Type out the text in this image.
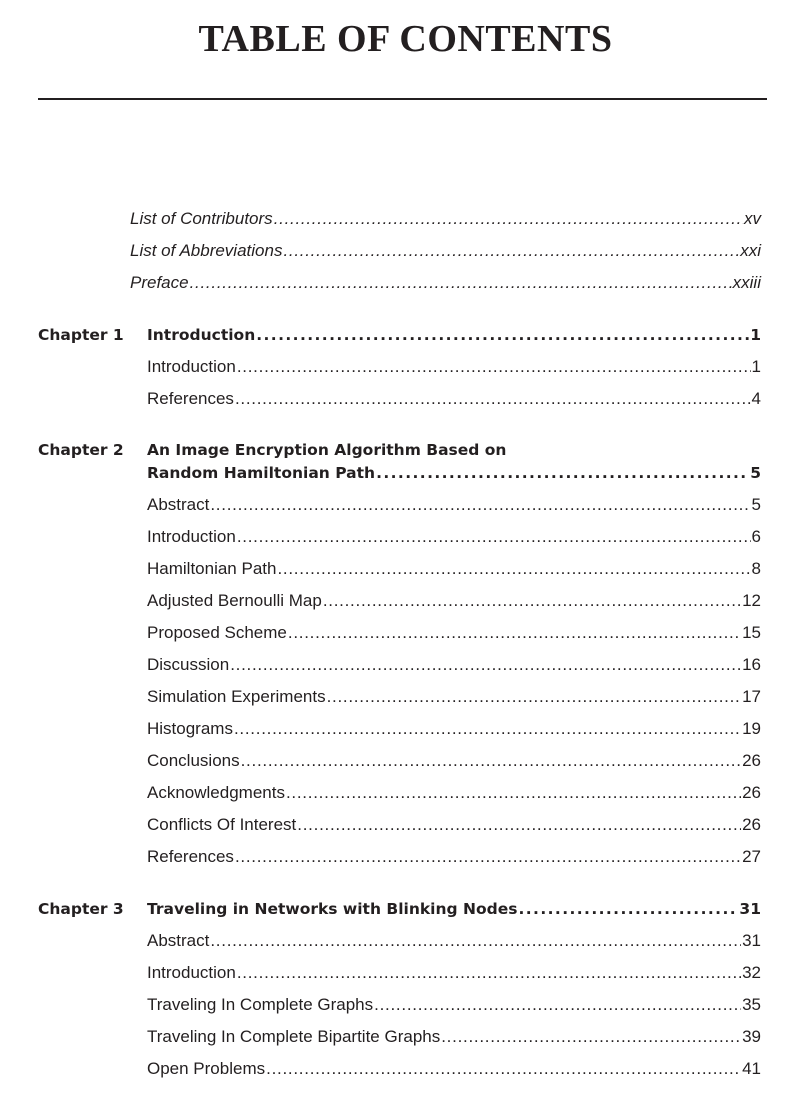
TABLE OF CONTENTS
List of Contributors . . .	xv
List of Abbreviations . . .	xxi
Preface . . .	xxiii
Chapter 1 Introduction . . .	1
Introduction . . .	1
References . . .	4
Chapter 2 An Image Encryption Algorithm Based on
Random Hamiltonian Path . . .	5
Abstract . . .	5
Introduction . . .	6
Hamiltonian Path . . .	8
Adjusted Bernoulli Map . . .	12
Proposed Scheme . . .	15
Discussion . . .	16
Simulation Experiments . . .	17
Histograms . . .	19
Conclusions . . .	26
Acknowledgments . . .	26
Conflicts Of Interest . . .	26
References . . .	27
Chapter 3 Traveling in Networks with Blinking Nodes . . .	31
Abstract . . .	31
Introduction . . .	32
Traveling In Complete Graphs . . .	35
Traveling In Complete Bipartite Graphs . . .	39
Open Problems . . .	41
